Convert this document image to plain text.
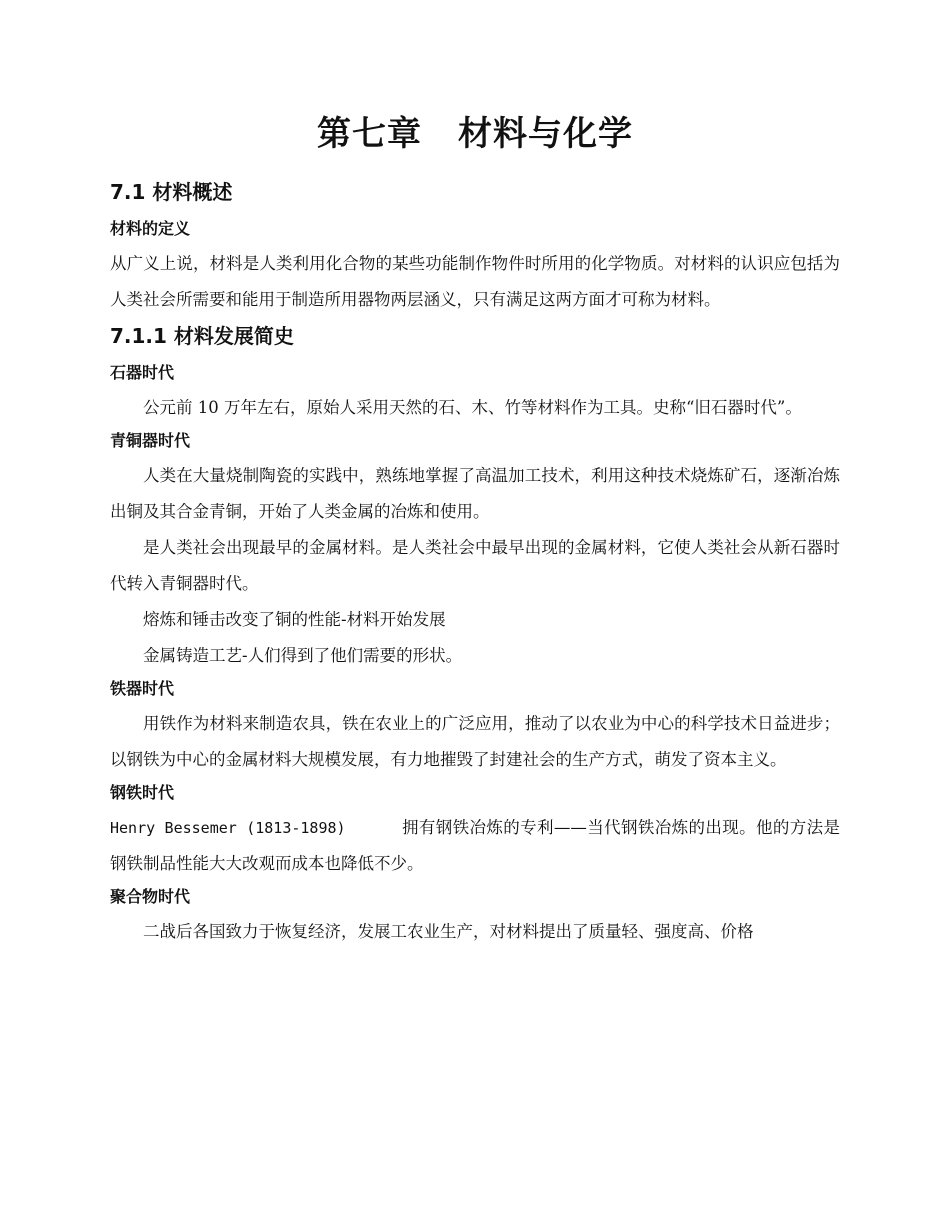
第七章 材料与化学
7.1 材料概述
材料的定义

从广义上说，材料是人类利用化合物的某些功能制作物件时所用的化学物质。对材料的认识应包括为人类社会所需要和能用于制造所用器物两层涵义，只有满足这两方面才可称为材料。

7.1.1 材料发展简史
石器时代

公元前 10 万年左右，原始人采用天然的石、木、竹等材料作为工具。史称“旧石器时代”。

青铜器时代

人类在大量烧制陶瓷的实践中，熟练地掌握了高温加工技术，利用这种技术烧炼矿石，逐渐冶炼出铜及其合金青铜，开始了人类金属的冶炼和使用。

是人类社会出现最早的金属材料。是人类社会中最早出现的金属材料，它使人类社会从新石器时代转入青铜器时代。

熔炼和锤击改变了铜的性能-材料开始发展

金属铸造工艺-人们得到了他们需要的形状。

铁器时代

用铁作为材料来制造农具，铁在农业上的广泛应用，推动了以农业为中心的科学技术日益进步；以钢铁为中心的金属材料大规模发展，有力地摧毁了封建社会的生产方式，萌发了资本主义。

钢铁时代

Henry Bessemer (1813-1898)	拥有钢铁冶炼的专利——当代钢铁冶炼的出现。他的方法是钢铁制品性能大大改观而成本也降低不少。

聚合物时代

二战后各国致力于恢复经济，发展工农业生产，对材料提出了质量轻、强度高、价格
